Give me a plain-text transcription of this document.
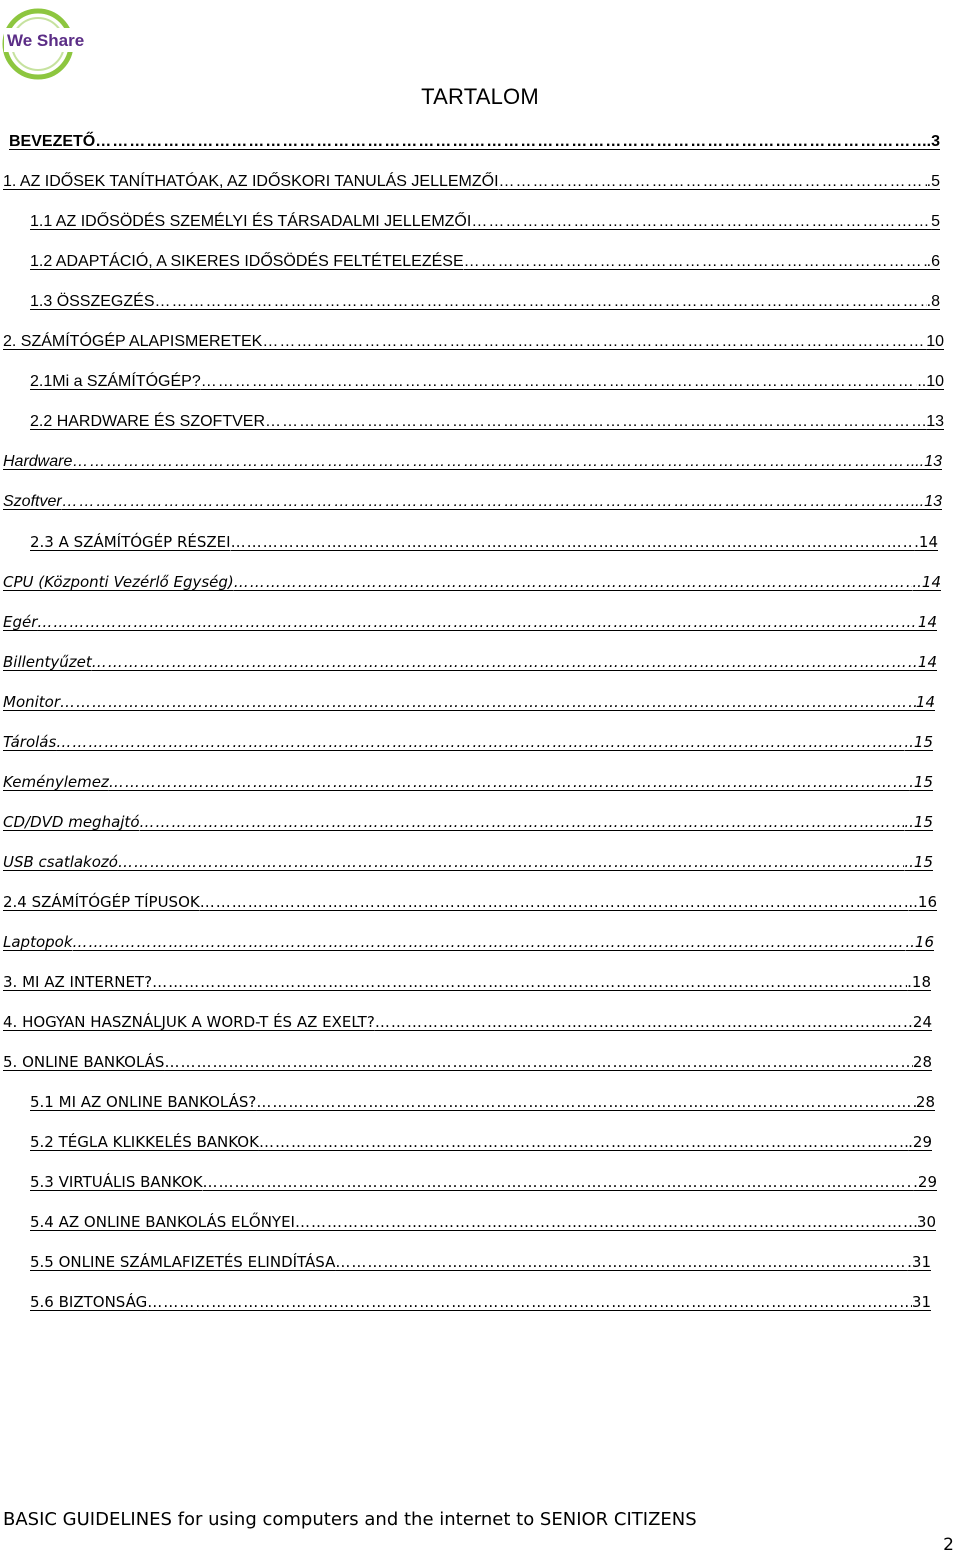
We Share
TARTALOM
BEVEZETŐ ……………………………………………………………………………………………………………………………………………………………………………………………………………………………………………………	.3
1. AZ IDŐSEK TANÍTHATÓAK, AZ IDŐSKORI TANULÁS JELLEMZŐI ……………………………………………………………………………………………………………………………………………………………………………………………………………………………………………………	.5
1.1 AZ IDŐSÖDÉS SZEMÉLYI ÉS TÁRSADALMI JELLEMZŐI ……………………………………………………………………………………………………………………………………………………………………………………………………………………………………………………	5
1.2 ADAPTÁCIÓ, A SIKERES IDŐSÖDÉS FELTÉTELEZÉSE ……………………………………………………………………………………………………………………………………………………………………………………………………………………………………………………	.6
1.3 ÖSSZEGZÉS ……………………………………………………………………………………………………………………………………………………………………………………………………………………………………………………	.8
2. SZÁMÍTÓGÉP ALAPISMERETEK ……………………………………………………………………………………………………………………………………………………………………………………………………………………………………………………	10
2.1Mi a SZÁMÍTÓGÉP? ……………………………………………………………………………………………………………………………………………………………………………………………………………………………………………………	..10
2.2 HARDWARE ÉS SZOFTVER ……………………………………………………………………………………………………………………………………………………………………………………………………………………………………………………	13
Hardware ……………………………………………………………………………………………………………………………………………………………………………………………………………………………………………………	...13
Szoftver ……………………………………………………………………………………………………………………………………………………………………………………………………………………………………………………	...13
2.3 A SZÁMÍTÓGÉP RÉSZEI ……………………………………………………………………………………………………………………………………………………………………………………………………………………………………………………	.14
CPU (Központi Vezérlő Egység) ……………………………………………………………………………………………………………………………………………………………………………………………………………………………………………………	..14
Egér ……………………………………………………………………………………………………………………………………………………………………………………………………………………………………………………	14
Billentyűzet ……………………………………………………………………………………………………………………………………………………………………………………………………………………………………………………	14
Monitor ……………………………………………………………………………………………………………………………………………………………………………………………………………………………………………………	14
Tárolás ……………………………………………………………………………………………………………………………………………………………………………………………………………………………………………………	..15
Keménylemez ……………………………………………………………………………………………………………………………………………………………………………………………………………………………………………………	.15
CD/DVD meghajtó ……………………………………………………………………………………………………………………………………………………………………………………………………………………………………………………	..15
USB csatlakozó ……………………………………………………………………………………………………………………………………………………………………………………………………………………………………………………	..15
2.4 SZÁMÍTÓGÉP TÍPUSOK ……………………………………………………………………………………………………………………………………………………………………………………………………………………………………………………	..16
Laptopok ……………………………………………………………………………………………………………………………………………………………………………………………………………………………………………………	..16
3. MI AZ INTERNET? ……………………………………………………………………………………………………………………………………………………………………………………………………………………………………………………	.18
4. HOGYAN HASZNÁLJUK A WORD-T ÉS AZ EXELT? ……………………………………………………………………………………………………………………………………………………………………………………………………………………………………………………	24
5. ONLINE BANKOLÁS ……………………………………………………………………………………………………………………………………………………………………………………………………………………………………………………	28
5.1 MI AZ ONLINE BANKOLÁS? ……………………………………………………………………………………………………………………………………………………………………………………………………………………………………………………	28
5.2 TÉGLA KLIKKELÉS BANKOK ……………………………………………………………………………………………………………………………………………………………………………………………………………………………………………………	.29
5.3 VIRTUÁLIS BANKOK ……………………………………………………………………………………………………………………………………………………………………………………………………………………………………………………	.29
5.4 AZ ONLINE BANKOLÁS ELŐNYEI ……………………………………………………………………………………………………………………………………………………………………………………………………………………………………………………	30
5.5 ONLINE SZÁMLAFIZETÉS ELINDÍTÁSA ……………………………………………………………………………………………………………………………………………………………………………………………………………………………………………………	.31
5.6 BIZTONSÁG ……………………………………………………………………………………………………………………………………………………………………………………………………………………………………………………	31
BASIC GUIDELINES for using computers and the internet to SENIOR CITIZENS
2
